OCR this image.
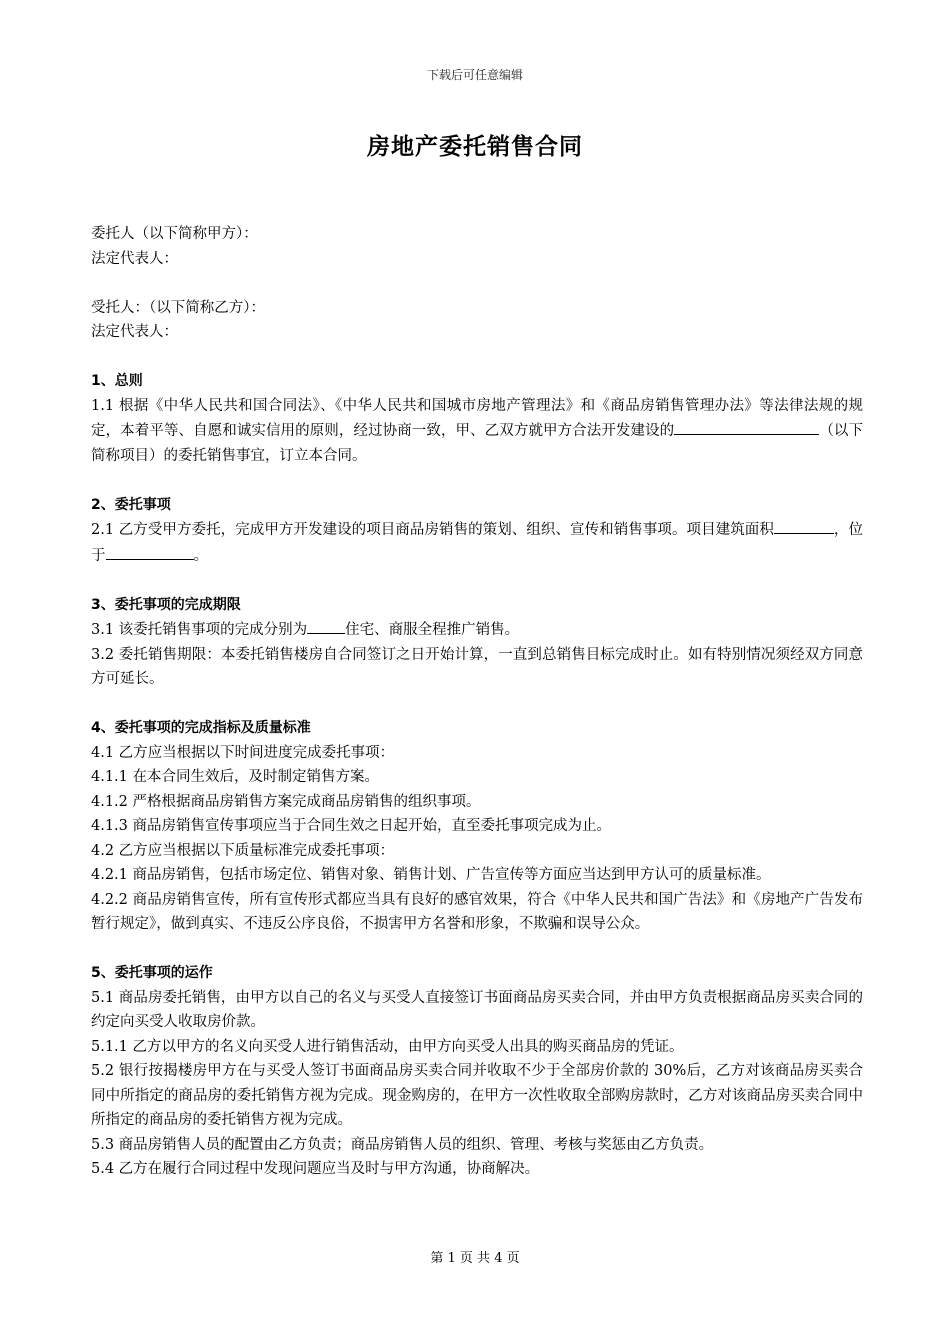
下载后可任意编辑
房地产委托销售合同

委托人（以下简称甲方）：

法定代表人：

受托人：（以下简称乙方）：

法定代表人：

1、总则

1.1 根据《中华人民共和国合同法》、《中华人民共和国城市房地产管理法》和《商品房销售管理办法》等法律法规的规定，本着平等、自愿和诚实信用的原则，经过协商一致，甲、乙双方就甲方合法开发建设的	（以下简称项目）的委托销售事宜，订立本合同。

2、委托事项

2.1 乙方受甲方委托，完成甲方开发建设的项目商品房销售的策划、组织、宣传和销售事项。项目建筑面积	，位于	。

3、委托事项的完成期限

3.1 该委托销售事项的完成分别为	住宅、商服全程推广销售。

3.2 委托销售期限：本委托销售楼房自合同签订之日开始计算，一直到总销售目标完成时止。如有特别情况须经双方同意方可延长。

4、委托事项的完成指标及质量标准

4.1 乙方应当根据以下时间进度完成委托事项：

4.1.1 在本合同生效后，及时制定销售方案。

4.1.2 严格根据商品房销售方案完成商品房销售的组织事项。

4.1.3 商品房销售宣传事项应当于合同生效之日起开始，直至委托事项完成为止。

4.2 乙方应当根据以下质量标准完成委托事项：

4.2.1 商品房销售，包括市场定位、销售对象、销售计划、广告宣传等方面应当达到甲方认可的质量标准。

4.2.2 商品房销售宣传，所有宣传形式都应当具有良好的感官效果，符合《中华人民共和国广告法》和《房地产广告发布暂行规定》，做到真实、不违反公序良俗，不损害甲方名誉和形象，不欺骗和误导公众。

5、委托事项的运作

5.1 商品房委托销售，由甲方以自己的名义与买受人直接签订书面商品房买卖合同，并由甲方负责根据商品房买卖合同的约定向买受人收取房价款。

5.1.1 乙方以甲方的名义向买受人进行销售活动，由甲方向买受人出具的购买商品房的凭证。

5.2 银行按揭楼房甲方在与买受人签订书面商品房买卖合同并收取不少于全部房价款的 30%后，乙方对该商品房买卖合同中所指定的商品房的委托销售方视为完成。现金购房的，在甲方一次性收取全部购房款时，乙方对该商品房买卖合同中所指定的商品房的委托销售方视为完成。

5.3 商品房销售人员的配置由乙方负责；商品房销售人员的组织、管理、考核与奖惩由乙方负责。

5.4 乙方在履行合同过程中发现问题应当及时与甲方沟通，协商解决。

第 1 页 共 4 页
